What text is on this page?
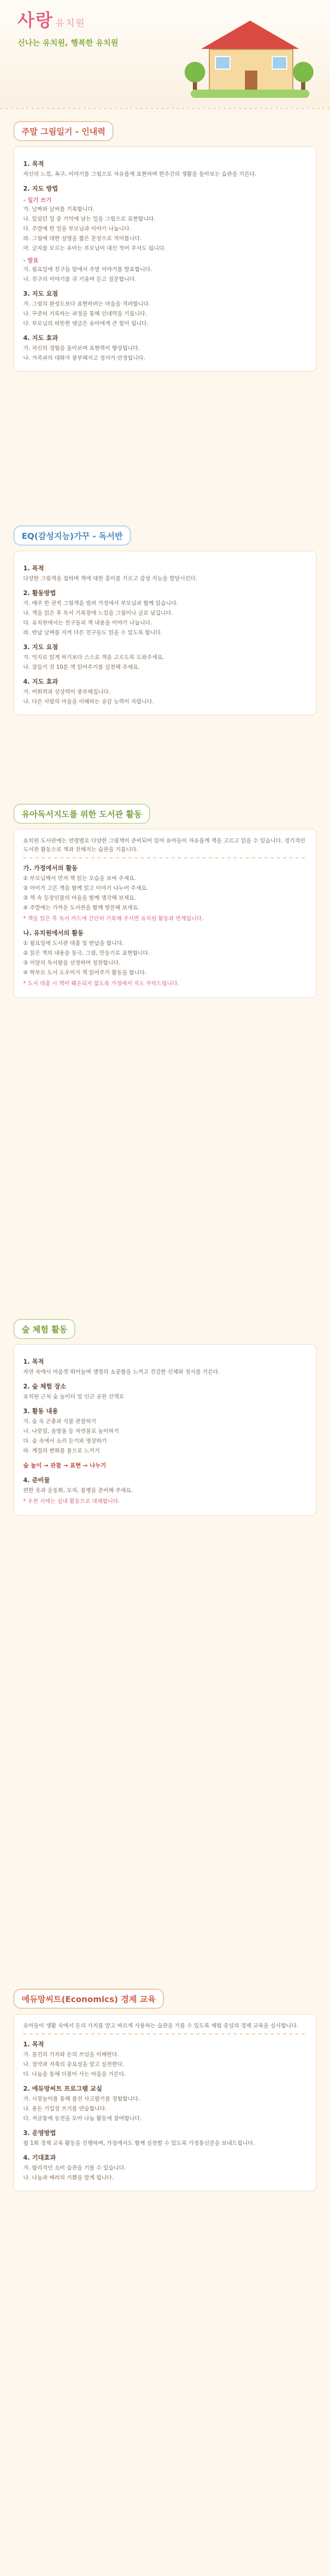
사랑 유치원
신나는 유치원, 행복한 유치원
주말 그림일기 - 인내력
1. 목적

자신의 느낌, 욕구, 이야기를 그림으로 자유롭게 표현하며 한주간의 생활을 돌아보는 습관을 기른다.

2. 지도 방법
- 일기 쓰기

가. 날짜와 날씨를 기록합니다.

나. 있었던 일 중 기억에 남는 일을 그림으로 표현합니다.

다. 주말에 한 일을 부모님과 이야기 나눕니다.

라. 그림에 대한 설명을 짧은 문장으로 적어봅니다.

마. 글자를 모르는 유아는 부모님이 대신 적어 주셔도 됩니다.

- 발표

가. 월요일에 친구들 앞에서 주말 이야기를 발표합니다.

나. 친구의 이야기를 귀 기울여 듣고 질문합니다.

3. 지도 요점

가. 그림의 완성도보다 표현하려는 마음을 격려합니다.

나. 꾸준히 기록하는 과정을 통해 인내력을 기릅니다.

다. 부모님의 따뜻한 댓글은 유아에게 큰 힘이 됩니다.

4. 지도 효과

가. 자신의 경험을 돌아보며 표현력이 향상됩니다.

나. 가족과의 대화가 풍부해지고 정서가 안정됩니다.

EQ(감성지능)가꾸 - 독서반
1. 목적

다양한 그림책을 접하며 책에 대한 흥미를 기르고 감성 지능을 발달시킨다.

2. 활동방법

가. 매주 한 권씩 그림책을 빌려 가정에서 부모님과 함께 읽습니다.

나. 책을 읽은 후 독서 기록장에 느낌을 그림이나 글로 남깁니다.

다. 유치원에서는 친구들과 책 내용을 이야기 나눕니다.

라. 반납 날짜를 지켜 다른 친구들도 읽을 수 있도록 합니다.

3. 지도 요점

가. 억지로 읽게 하기보다 스스로 책을 고르도록 도와주세요.

나. 잠들기 전 10분 책 읽어주기를 실천해 주세요.

4. 지도 효과

가. 어휘력과 상상력이 풍부해집니다.

나. 다른 사람의 마음을 이해하는 공감 능력이 자랍니다.

유아독서지도를 위한 도서관 활동

유치원 도서관에는 연령별로 다양한 그림책이 준비되어 있어 유아들이 자유롭게 책을 고르고 읽을 수 있습니다. 정기적인 도서관 활동으로 책과 친해지는 습관을 기릅니다.

가. 가정에서의 활동

① 부모님께서 먼저 책 읽는 모습을 보여 주세요.

② 아이가 고른 책을 함께 읽고 이야기 나누어 주세요.

③ 책 속 등장인물의 마음을 함께 생각해 보세요.

④ 주말에는 가까운 도서관을 함께 방문해 보세요.

* 책을 읽은 후 독서 카드에 간단히 기록해 주시면 유치원 활동과 연계됩니다.

나. 유치원에서의 활동

① 월요일에 도서관 대출 및 반납을 합니다.

② 읽은 책의 내용을 동극, 그림, 만들기로 표현합니다.

③ 이달의 독서왕을 선정하여 칭찬합니다.

④ 학부모 도서 도우미가 책 읽어주기 활동을 합니다.

* 도서 대출 시 책이 훼손되지 않도록 가정에서 지도 부탁드립니다.

숲 체험 활동
1. 목적

자연 속에서 마음껏 뛰어놀며 생명의 소중함을 느끼고 건강한 신체와 정서를 기른다.

2. 숲 체험 장소

유치원 근처 숲 놀이터 및 인근 공원 산책로

3. 활동 내용

가. 숲 속 곤충과 식물 관찰하기

나. 나뭇잎, 솔방울 등 자연물로 놀이하기

다. 숲 속에서 소리 듣기와 명상하기

라. 계절의 변화를 몸으로 느끼기

숲 놀이 → 관찰 → 표현 → 나누기

4. 준비물

편한 옷과 운동화, 모자, 물병을 준비해 주세요.

* 우천 시에는 실내 활동으로 대체합니다.

에듀망씨트(Economics) 경제 교육

유아들이 생활 속에서 돈의 가치를 알고 바르게 사용하는 습관을 기를 수 있도록 체험 중심의 경제 교육을 실시합니다.

1. 목적

가. 물건의 가치와 돈의 쓰임을 이해한다.

나. 절약과 저축의 중요성을 알고 실천한다.

다. 나눔을 통해 더불어 사는 마음을 기른다.

2. 에듀망씨트 프로그램 교실

가. 시장놀이를 통해 물건 사고팔기를 경험합니다.

나. 용돈 기입장 쓰기를 연습합니다.

다. 저금통에 동전을 모아 나눔 활동에 참여합니다.

3. 운영방법

월 1회 경제 교육 활동을 진행하며, 가정에서도 함께 실천할 수 있도록 가정통신문을 보내드립니다.

4. 기대효과

가. 합리적인 소비 습관을 기를 수 있습니다.

나. 나눔과 배려의 기쁨을 알게 됩니다.
